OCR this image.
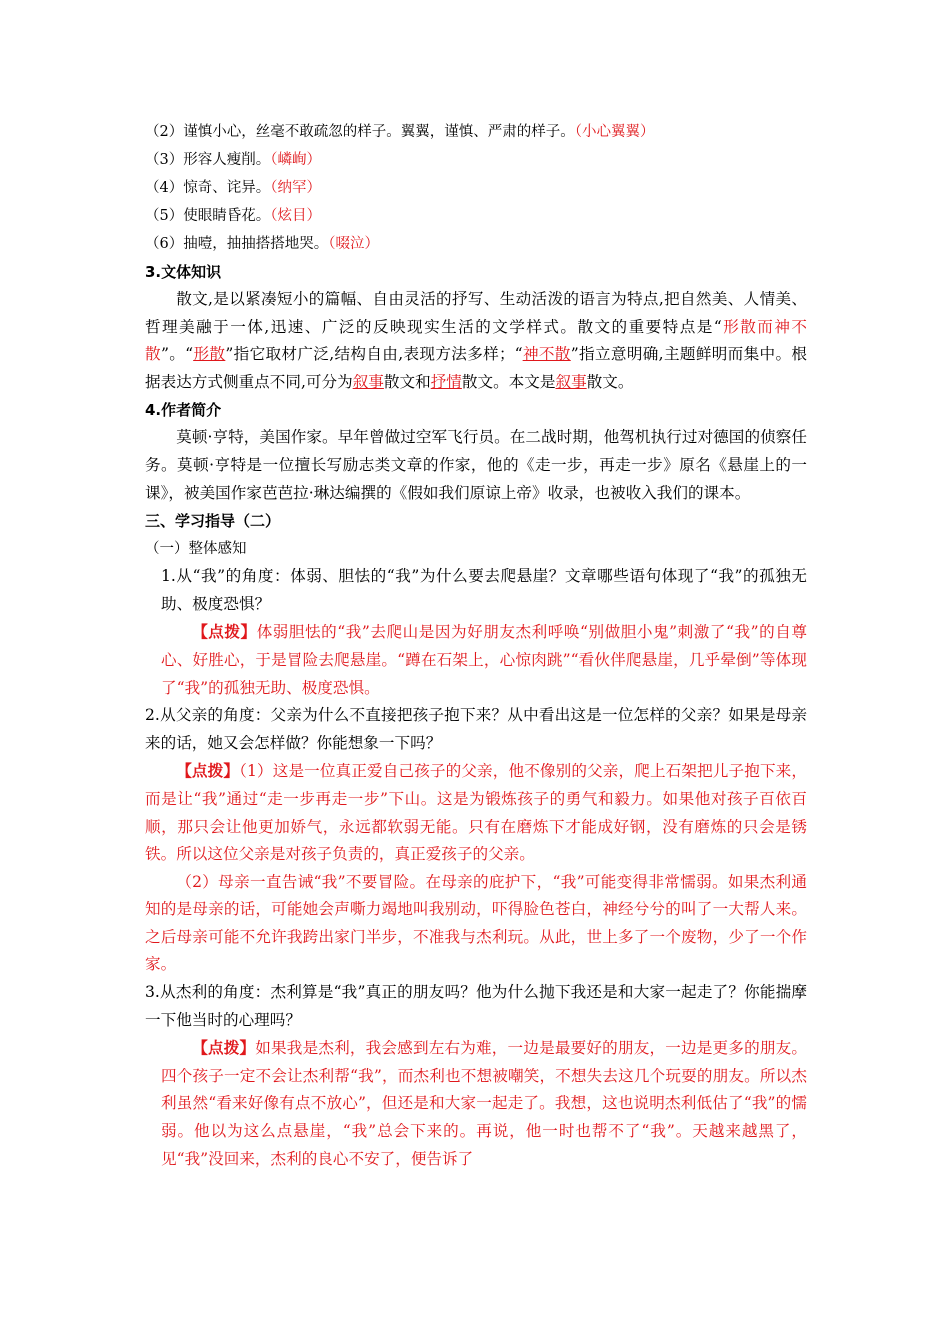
（2）谨慎小心，丝毫不敢疏忽的样子。翼翼，谨慎、严肃的样子。（小心翼翼）

（3）形容人瘦削。（嶙峋）

（4）惊奇、诧异。（纳罕）

（5）使眼睛昏花。（炫目）

（6）抽噎，抽抽搭搭地哭。（啜泣）

3.文体知识

散文,是以紧凑短小的篇幅、自由灵活的抒写、生动活泼的语言为特点,把自然美、人情美、哲理美融于一体,迅速、广泛的反映现实生活的文学样式。散文的重要特点是“形散而神不散”。“形散”指它取材广泛,结构自由,表现方法多样；“神不散”指立意明确,主题鲜明而集中。根据表达方式侧重点不同,可分为叙事散文和抒情散文。本文是叙事散文。

4.作者简介

莫顿·亨特，美国作家。早年曾做过空军飞行员。在二战时期，他驾机执行过对德国的侦察任务。莫顿·亨特是一位擅长写励志类文章的作家，他的《走一步，再走一步》原名《悬崖上的一课》，被美国作家芭芭拉·琳达编撰的《假如我们原谅上帝》收录，也被收入我们的课本。

三、学习指导（二）

（一）整体感知

1.从“我”的角度：体弱、胆怯的“我”为什么要去爬悬崖？文章哪些语句体现了“我”的孤独无助、极度恐惧？

【点拨】体弱胆怯的“我”去爬山是因为好朋友杰利呼唤“别做胆小鬼”刺激了“我”的自尊心、好胜心，于是冒险去爬悬崖。“蹲在石架上，心惊肉跳”“看伙伴爬悬崖，几乎晕倒”等体现了“我”的孤独无助、极度恐惧。

2.从父亲的角度：父亲为什么不直接把孩子抱下来？从中看出这是一位怎样的父亲？如果是母亲来的话，她又会怎样做？你能想象一下吗？

【点拨】（1）这是一位真正爱自己孩子的父亲，他不像别的父亲，爬上石架把儿子抱下来，而是让“我”通过“走一步再走一步”下山。这是为锻炼孩子的勇气和毅力。如果他对孩子百依百顺，那只会让他更加娇气，永远都软弱无能。只有在磨炼下才能成好钢，没有磨炼的只会是锈铁。所以这位父亲是对孩子负责的，真正爱孩子的父亲。

（2）母亲一直告诫“我”不要冒险。在母亲的庇护下，“我”可能变得非常懦弱。如果杰利通知的是母亲的话，可能她会声嘶力竭地叫我别动，吓得脸色苍白，神经兮兮的叫了一大帮人来。之后母亲可能不允许我跨出家门半步，不准我与杰利玩。从此，世上多了一个废物，少了一个作家。

3.从杰利的角度：杰利算是“我”真正的朋友吗？他为什么抛下我还是和大家一起走了？你能揣摩一下他当时的心理吗？

【点拨】如果我是杰利，我会感到左右为难，一边是最要好的朋友，一边是更多的朋友。四个孩子一定不会让杰利帮“我”，而杰利也不想被嘲笑，不想失去这几个玩耍的朋友。所以杰利虽然“看来好像有点不放心”，但还是和大家一起走了。我想，这也说明杰利低估了“我”的懦弱。他以为这么点悬崖，“我”总会下来的。再说，他一时也帮不了“我”。天越来越黑了，见“我”没回来，杰利的良心不安了，便告诉了
